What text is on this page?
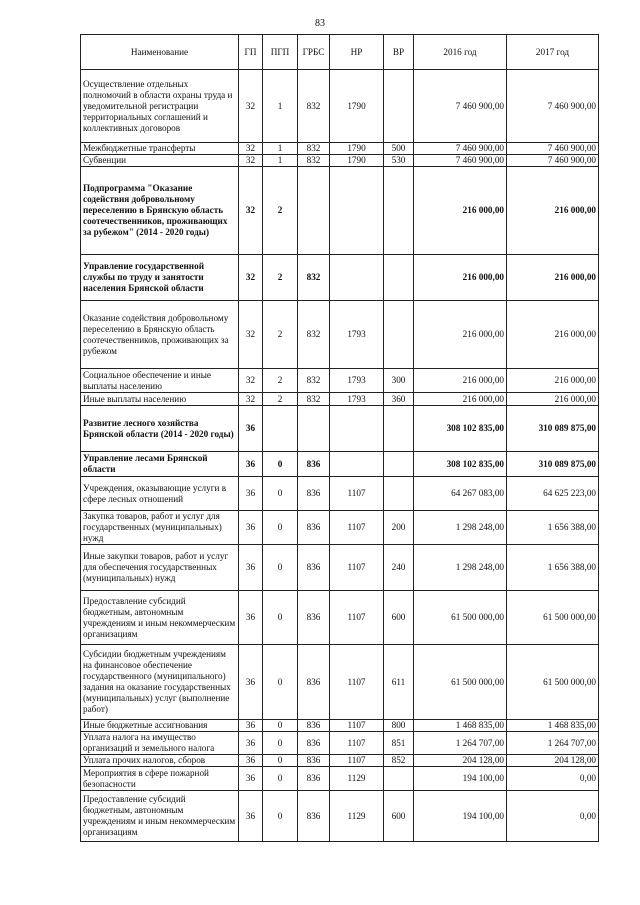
83
Наименование	ГП	ПГП	ГРБС	НР	ВР	2016 год	2017 год
Осуществление отдельных полномочий в области охраны труда и уведомительной регистрации территориальных соглашений и коллективных договоров	32	1	832	1790		7 460 900,00	7 460 900,00
Межбюджетные трансферты	32	1	832	1790	500	7 460 900,00	7 460 900,00
Субвенции	32	1	832	1790	530	7 460 900,00	7 460 900,00
Подпрограмма "Оказание содействия добровольному переселению в Брянскую область соотечественников, проживающих за рубежом" (2014 - 2020 годы)	32	2				216 000,00	216 000,00
Управление государственной службы по труду и занятости населения Брянской области	32	2	832			216 000,00	216 000,00
Оказание содействия добровольному переселению в Брянскую область соотечественников, проживающих за рубежом	32	2	832	1793		216 000,00	216 000,00
Социальное обеспечение и иные выплаты населению	32	2	832	1793	300	216 000,00	216 000,00
Иные выплаты населению	32	2	832	1793	360	216 000,00	216 000,00
Развитие лесного хозяйства Брянской области (2014 - 2020 годы)	36					308 102 835,00	310 089 875,00
Управление лесами Брянской области	36	0	836			308 102 835,00	310 089 875,00
Учреждения, оказывающие услуги в сфере лесных отношений	36	0	836	1107		64 267 083,00	64 625 223,00
Закупка товаров, работ и услуг для государственных (муниципальных) нужд	36	0	836	1107	200	1 298 248,00	1 656 388,00
Иные закупки товаров, работ и услуг для обеспечения государственных (муниципальных) нужд	36	0	836	1107	240	1 298 248,00	1 656 388,00
Предоставление субсидий бюджетным, автономным учреждениям и иным некоммерческим организациям	36	0	836	1107	600	61 500 000,00	61 500 000,00
Субсидии бюджетным учреждениям на финансовое обеспечение государственного (муниципального) задания на оказание государственных (муниципальных) услуг (выполнение работ)	36	0	836	1107	611	61 500 000,00	61 500 000,00
Иные бюджетные ассигнования	36	0	836	1107	800	1 468 835,00	1 468 835,00
Уплата налога на имущество организаций и земельного налога	36	0	836	1107	851	1 264 707,00	1 264 707,00
Уплата прочих налогов, сборов	36	0	836	1107	852	204 128,00	204 128,00
Мероприятия в сфере пожарной безопасности	36	0	836	1129		194 100,00	0,00
Предоставление субсидий бюджетным, автономным учреждениям и иным некоммерческим организациям	36	0	836	1129	600	194 100,00	0,00
